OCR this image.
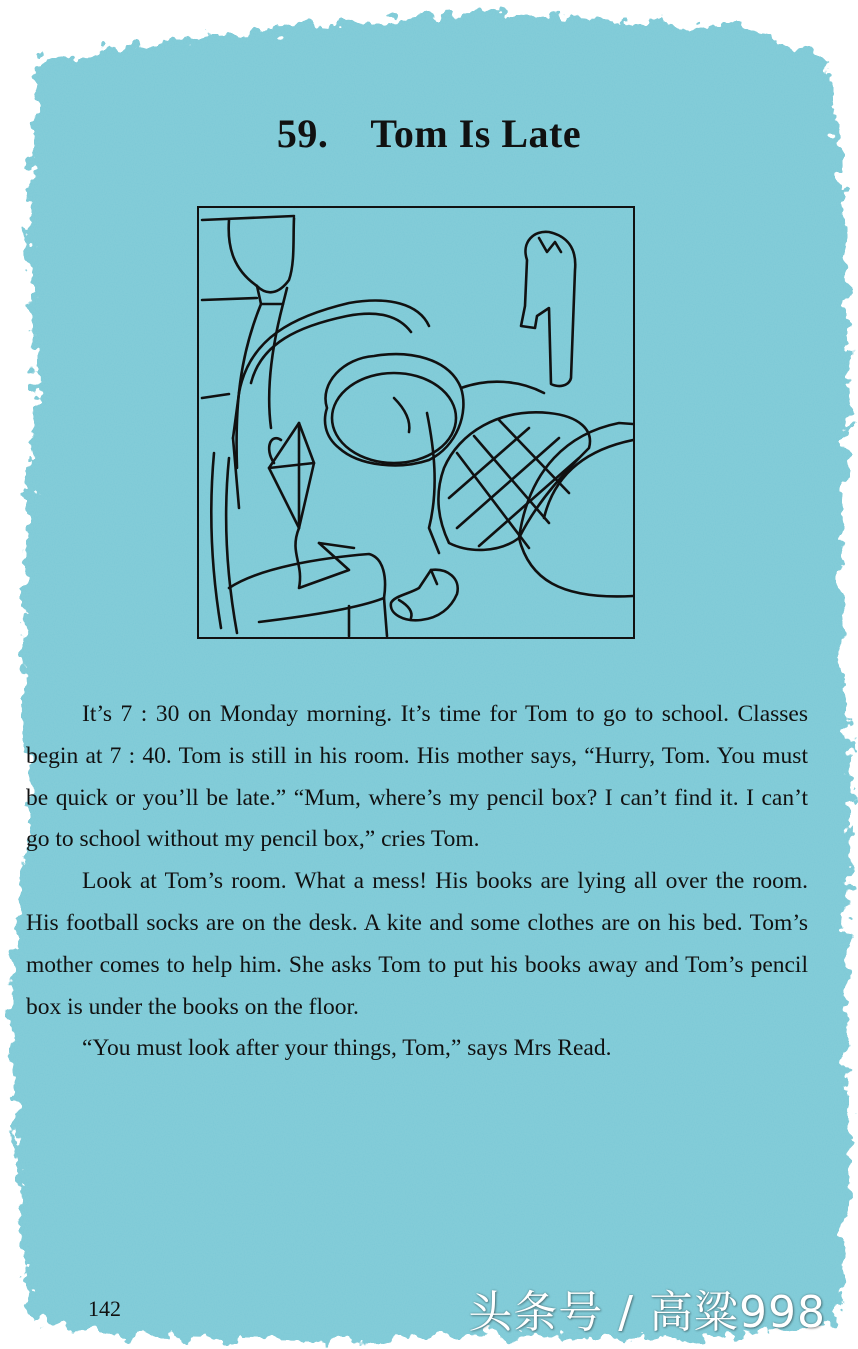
59. Tom Is Late

It’s 7 : 30 on Monday morning. It’s time for Tom to go to school. Classes begin at 7 : 40. Tom is still in his room. His mother says, “Hurry, Tom. You must be quick or you’ll be late.” “Mum, where’s my pencil box? I can’t find it. I can’t go to school without my pencil box,” cries Tom.

Look at Tom’s room. What a mess! His books are lying all over the room. His football socks are on the desk. A kite and some clothes are on his bed. Tom’s mother comes to help him. She asks Tom to put his books away and Tom’s pencil box is under the books on the floor.

“You must look after your things, Tom,” says Mrs Read.

142	头条号 / 高粱998
